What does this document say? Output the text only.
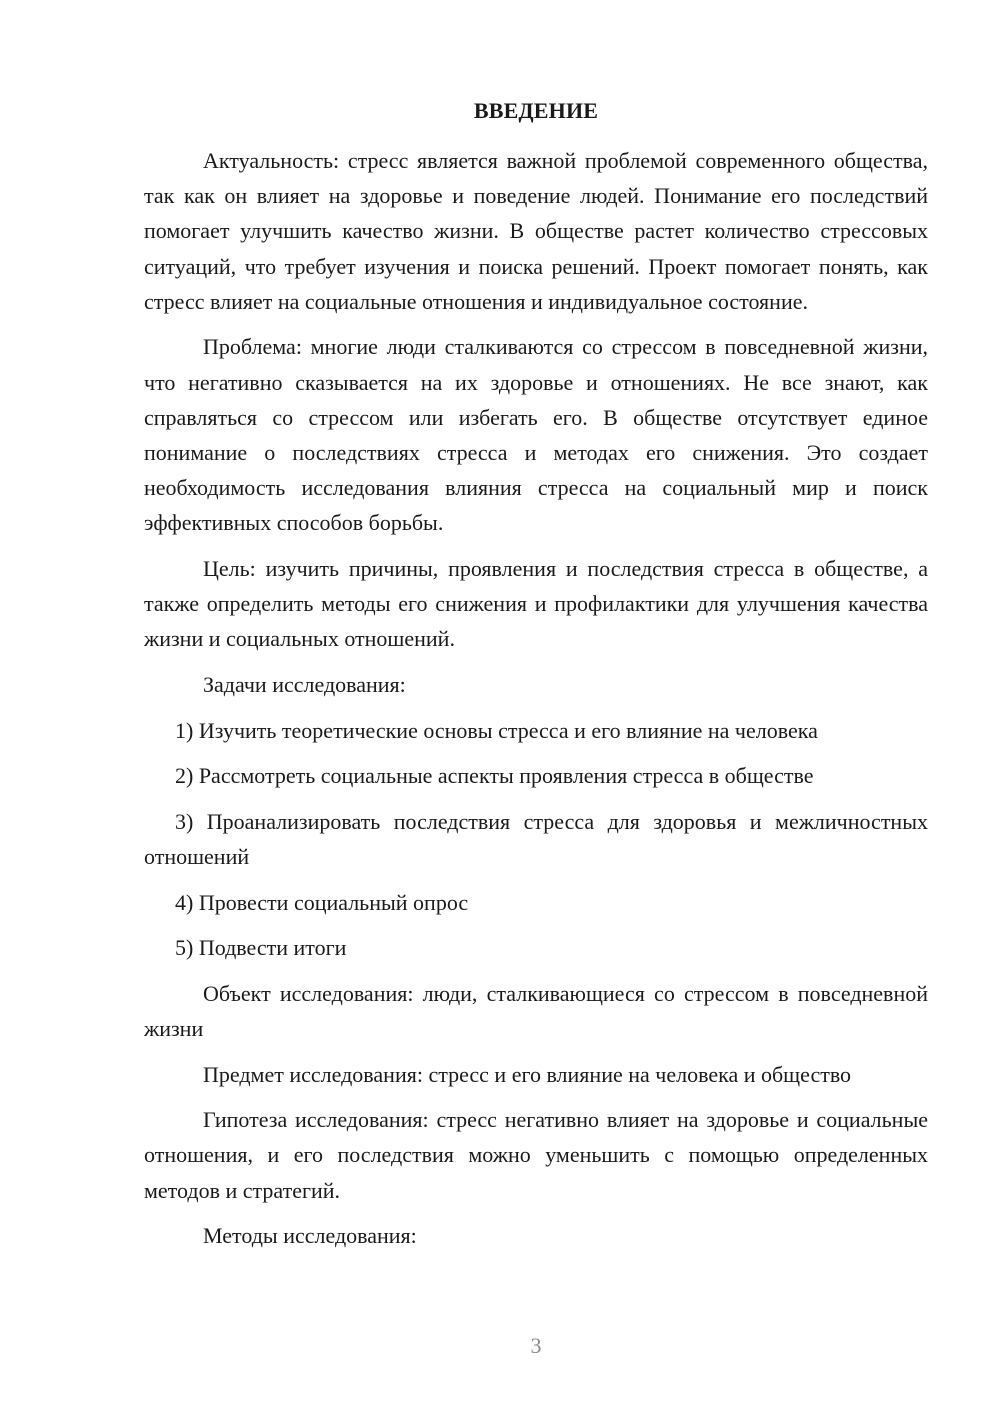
ВВЕДЕНИЕ

Актуальность: стресс является важной проблемой современного общества, так как он влияет на здоровье и поведение людей. Понимание его последствий помогает улучшить качество жизни. В обществе растет количество стрессовых ситуаций, что требует изучения и поиска решений. Проект помогает понять, как стресс влияет на социальные отношения и индивидуальное состояние.

Проблема: многие люди сталкиваются со стрессом в повседневной жизни, что негативно сказывается на их здоровье и отношениях. Не все знают, как справляться со стрессом или избегать его. В обществе отсутствует единое понимание о последствиях стресса и методах его снижения. Это создает необходимость исследования влияния стресса на социальный мир и поиск эффективных способов борьбы.

Цель: изучить причины, проявления и последствия стресса в обществе, а также определить методы его снижения и профилактики для улучшения качества жизни и социальных отношений.

Задачи исследования:

1) Изучить теоретические основы стресса и его влияние на человека

2) Рассмотреть социальные аспекты проявления стресса в обществе

3) Проанализировать последствия стресса для здоровья и межличностных отношений

4) Провести социальный опрос

5) Подвести итоги

Объект исследования: люди, сталкивающиеся со стрессом в повседневной жизни

Предмет исследования: стресс и его влияние на человека и общество

Гипотеза исследования: стресс негативно влияет на здоровье и социальные отношения, и его последствия можно уменьшить с помощью определенных методов и стратегий.

Методы исследования:

3
